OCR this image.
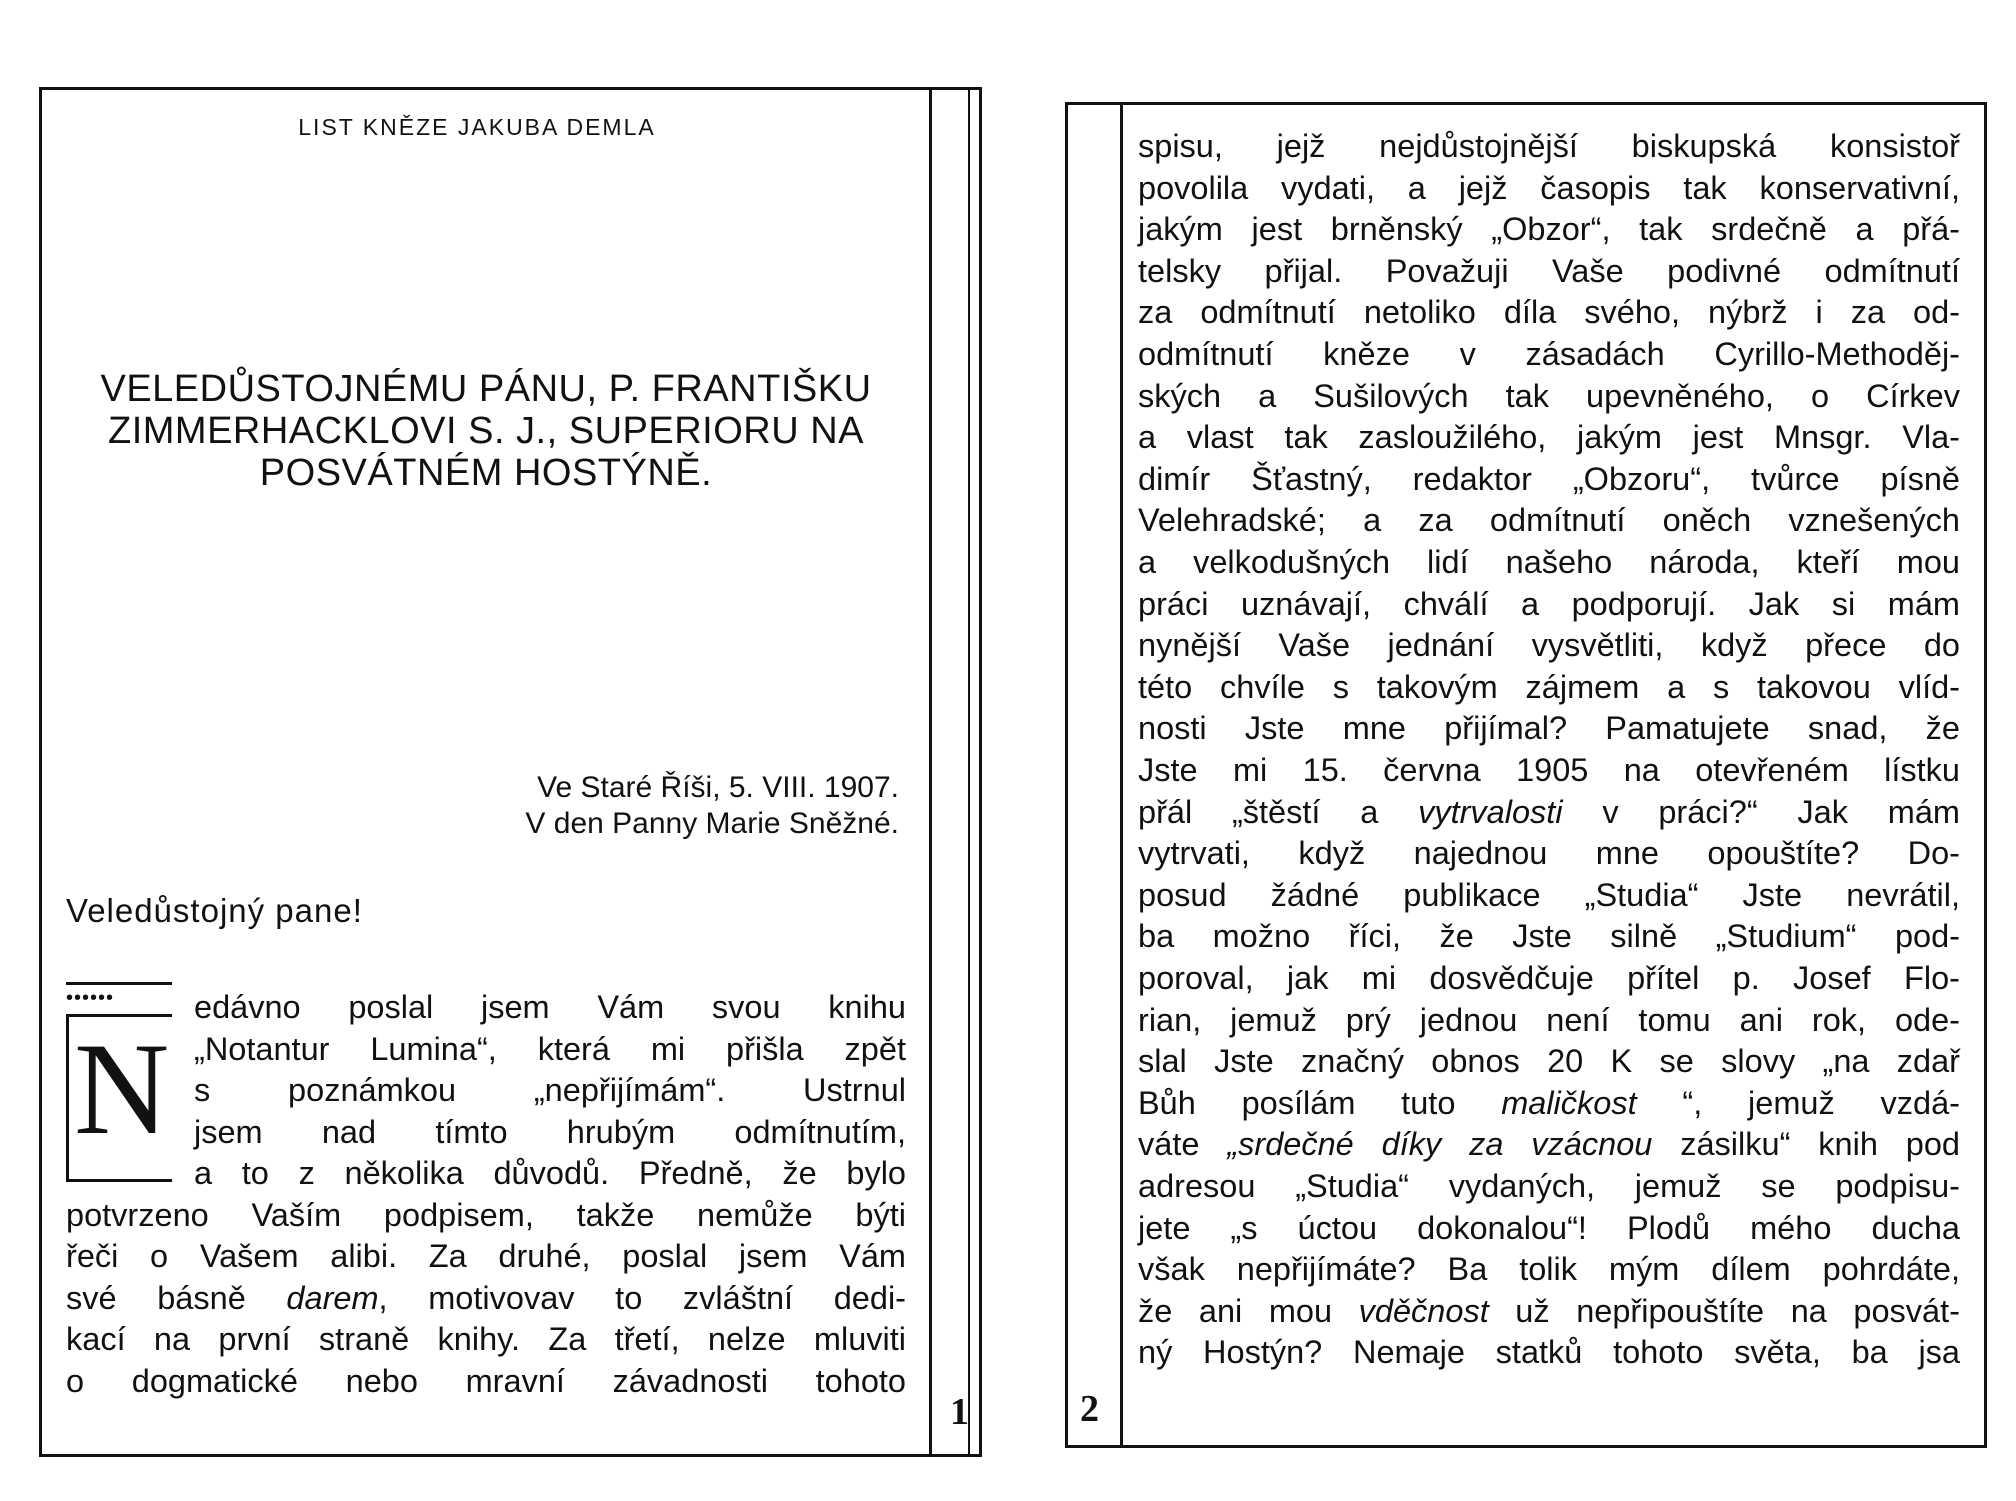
1
LIST KNĚZE JAKUBA DEMLA
VELEDŮSTOJNÉMU PÁNU, P. FRANTIŠKU
ZIMMERHACKLOVI S. J., SUPERIORU NA
POSVÁTNÉM HOSTÝNĚ.
Ve Staré Říši, 5. VIII. 1907.
V den Panny Marie Sněžné.
Veledůstojný pane!
••••••
N
edávno poslal jsem Vám svou knihu
„Notantur Lumina“, která mi přišla zpět
s poznámkou „nepřijímám“. Ustrnul
jsem nad tímto hrubým odmítnutím,
a to z několika důvodů. Předně, že bylo
potvrzeno Vaším podpisem, takže nemůže býti
řeči o Vašem alibi. Za druhé, poslal jsem Vám
své básně darem, motivovav to zvláštní dedi-
kací na první straně knihy. Za třetí, nelze mluviti
o dogmatické nebo mravní závadnosti tohoto
2
spisu, jejž nejdůstojnější biskupská konsistoř
povolila vydati, a jejž časopis tak konservativní,
jakým jest brněnský „Obzor“, tak srdečně a přá-
telsky přijal. Považuji Vaše podivné odmítnutí
za odmítnutí netoliko díla svého, nýbrž i za od-
odmítnutí kněze v zásadách Cyrillo-Methoděj-
ských a Sušilových tak upevněného, o Církev
a vlast tak zasloužilého, jakým jest Mnsgr. Vla-
dimír Šťastný, redaktor „Obzoru“, tvůrce písně
Velehradské; a za odmítnutí oněch vznešených
a velkodušných lidí našeho národa, kteří mou
práci uznávají, chválí a podporují. Jak si mám
nynější Vaše jednání vysvětliti, když přece do
této chvíle s takovým zájmem a s takovou vlíd-
nosti Jste mne přijímal? Pamatujete snad, že
Jste mi 15. června 1905 na otevřeném lístku
přál „štěstí a vytrvalosti v práci?“ Jak mám
vytrvati, když najednou mne opouštíte? Do-
posud žádné publikace „Studia“ Jste nevrátil,
ba možno říci, že Jste silně „Studium“ pod-
poroval, jak mi dosvědčuje přítel p. Josef Flo-
rian, jemuž prý jednou není tomu ani rok, ode-
slal Jste značný obnos 20 K se slovy „na zdař
Bůh posílám tuto maličkost “, jemuž vzdá-
váte „srdečné díky za vzácnou zásilku“ knih pod
adresou „Studia“ vydaných, jemuž se podpisu-
jete „s úctou dokonalou“! Plodů mého ducha
však nepřijímáte? Ba tolik mým dílem pohrdáte,
že ani mou vděčnost už nepřipouštíte na posvát-
ný Hostýn? Nemaje statků tohoto světa, ba jsa
